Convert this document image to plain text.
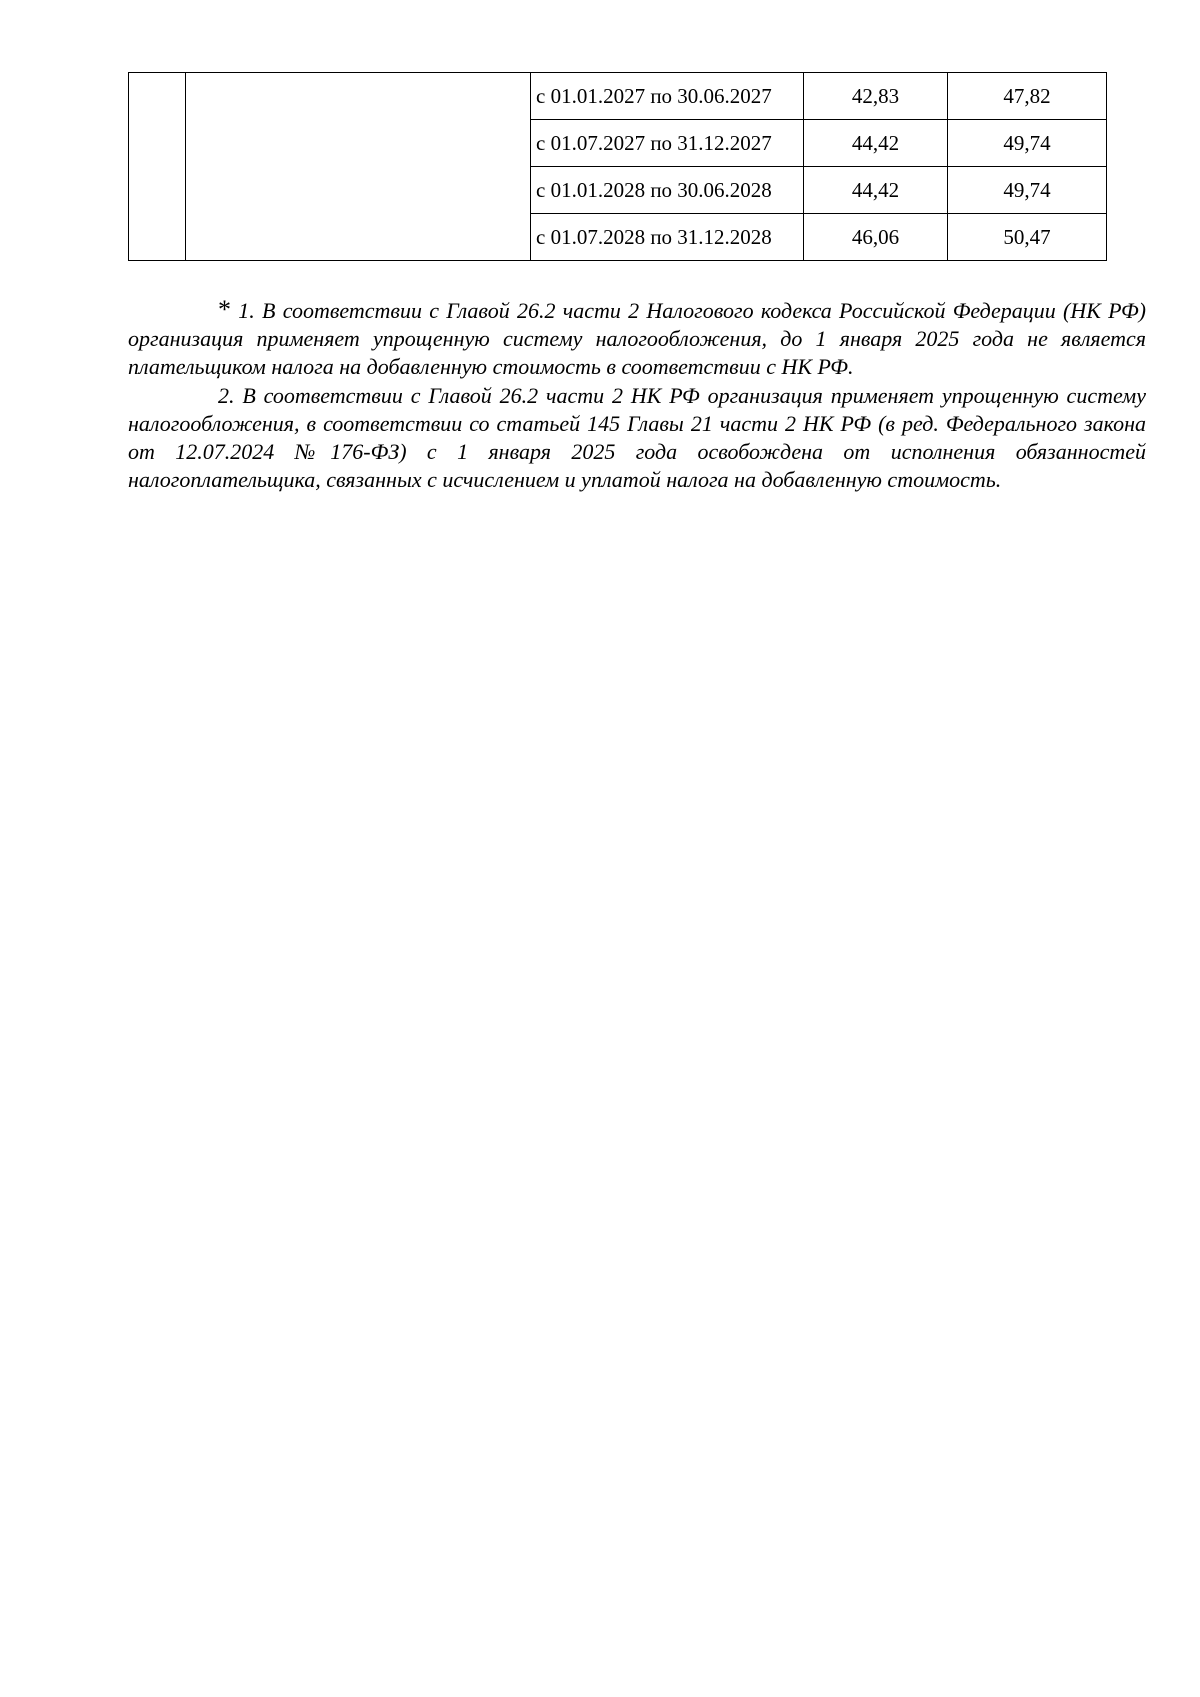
		с 01.01.2027 по 30.06.2027	42,83	47,82
		с 01.07.2027 по 31.12.2027	44,42	49,74
		с 01.01.2028 по 30.06.2028	44,42	49,74
		с 01.07.2028 по 31.12.2028	46,06	50,47

* 1. В соответствии с Главой 26.2 части 2 Налогового кодекса Российской Федерации (НК РФ) организация применяет упрощенную систему налогообложения, до 1 января 2025 года не является плательщиком налога на добавленную стоимость в соответствии с НК РФ.

2. В соответствии с Главой 26.2 части 2 НК РФ организация применяет упрощенную систему налогообложения, в соответствии со статьей 145 Главы 21 части 2 НК РФ (в ред. Федерального закона от 12.07.2024 №176-ФЗ) с 1 января 2025 года освобождена от исполнения обязанностей налогоплательщика, связанных с исчислением и уплатой налога на добавленную стоимость.
